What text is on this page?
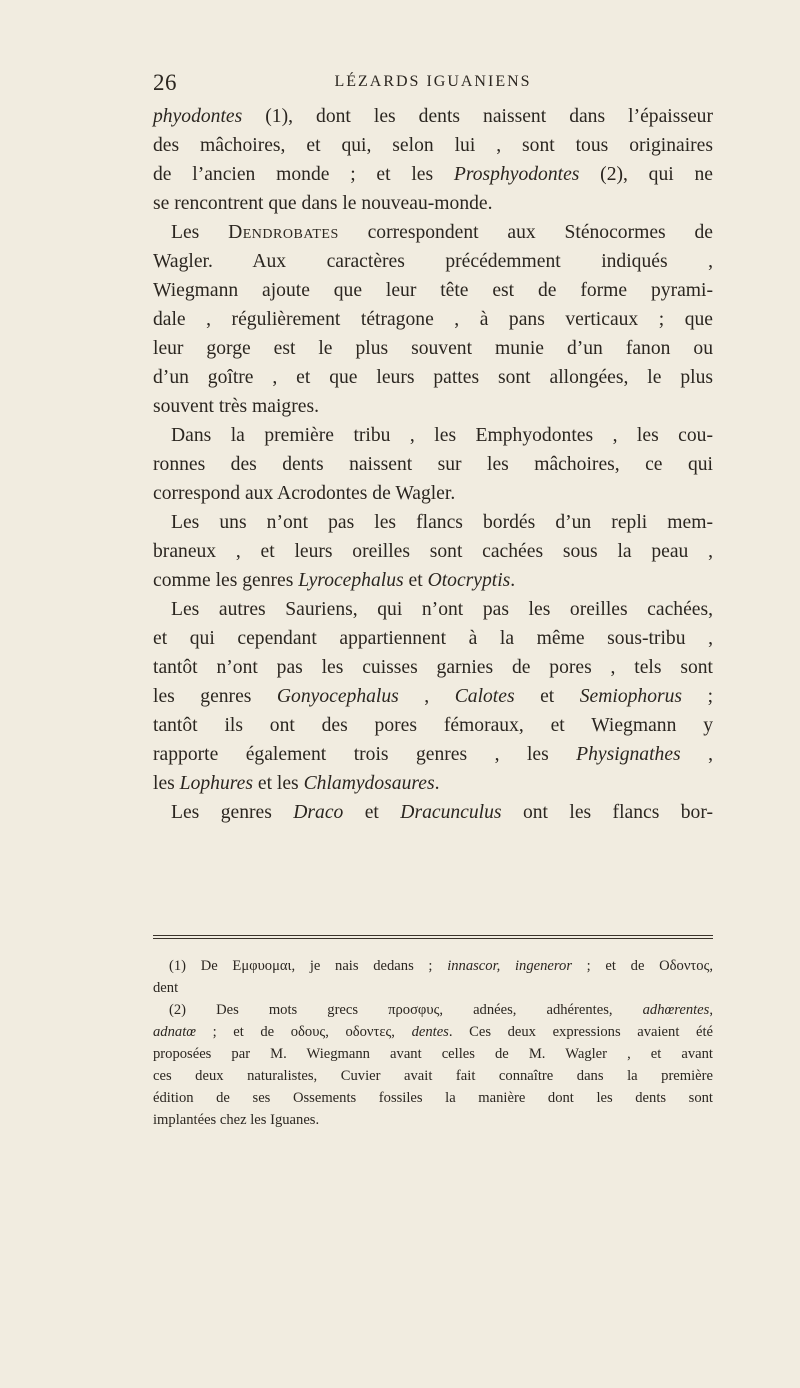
26	LÉZARDS IGUANIENS
phyodontes (1), dont les dents naissent dans l’épaisseur
des mâchoires, et qui, selon lui , sont tous originaires
de l’ancien monde ; et les Prosphyodontes (2), qui ne
se rencontrent que dans le nouveau-monde.
Les Dendrobates correspondent aux Sténocormes de
Wagler. Aux caractères précédemment indiqués ,
Wiegmann ajoute que leur tête est de forme pyrami-
dale , régulièrement tétragone , à pans verticaux ; que
leur gorge est le plus souvent munie d’un fanon ou
d’un goître , et que leurs pattes sont allongées, le plus
souvent très maigres.
Dans la première tribu , les Emphyodontes , les cou-
ronnes des dents naissent sur les mâchoires, ce qui
correspond aux Acrodontes de Wagler.
Les uns n’ont pas les flancs bordés d’un repli mem-
braneux , et leurs oreilles sont cachées sous la peau ,
comme les genres Lyrocephalus et Otocryptis.
Les autres Sauriens, qui n’ont pas les oreilles cachées,
et qui cependant appartiennent à la même sous-tribu ,
tantôt n’ont pas les cuisses garnies de pores , tels sont
les genres Gonyocephalus , Calotes et Semiophorus ;
tantôt ils ont des pores fémoraux, et Wiegmann y
rapporte également trois genres , les Physignathes ,
les Lophures et les Chlamydosaures.
Les genres Draco et Dracunculus ont les flancs bor-
(1) De Εμφυομαι, je nais dedans ; innascor, ingeneror ; et de Οδοντος,
dent
(2) Des mots grecs προσφυς, adnées, adhérentes, adhœrentes,
adnatœ ; et de οδους, οδοντες, dentes. Ces deux expressions avaient été
proposées par M. Wiegmann avant celles de M. Wagler , et avant
ces deux naturalistes, Cuvier avait fait connaître dans la première
édition de ses Ossements fossiles la manière dont les dents sont
implantées chez les Iguanes.
